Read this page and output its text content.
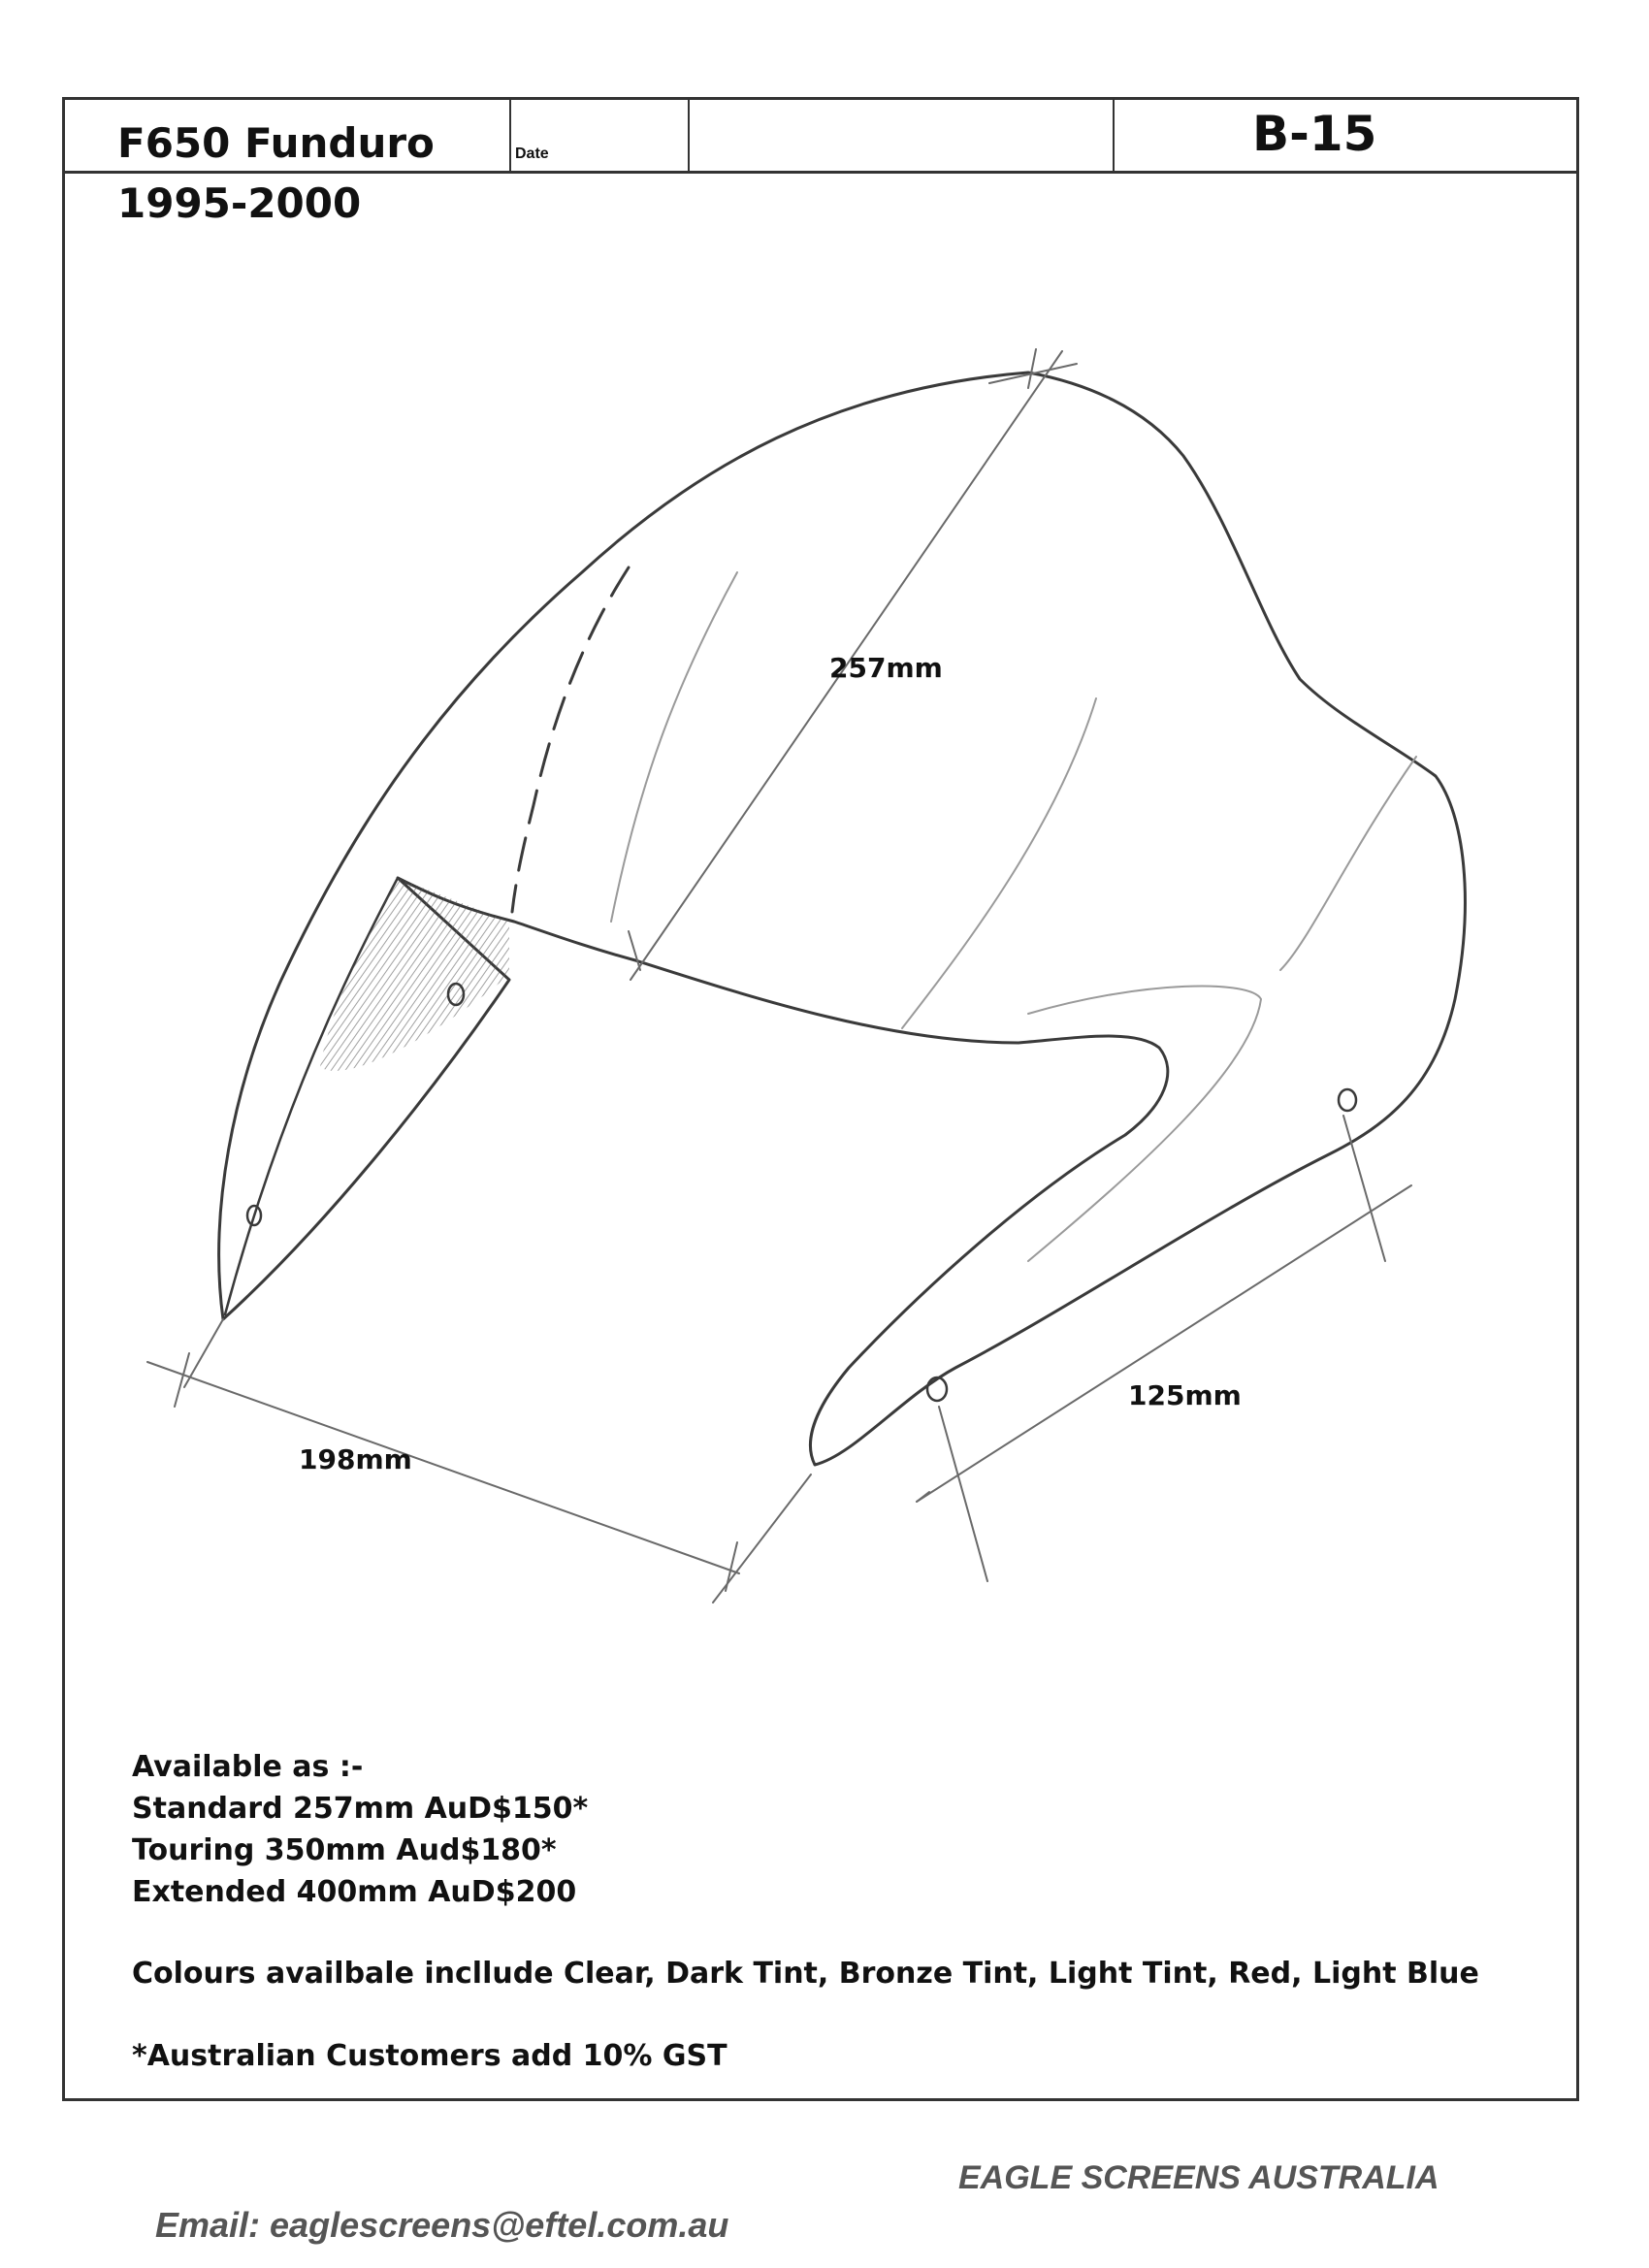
Date	B-15
F650 Funduro
1995-2000
257mm
198mm
125mm
Available as :-
Standard 257mm AuD$150*
Touring 350mm Aud$180*
Extended 400mm AuD$200
Colours availbale incllude Clear, Dark Tint, Bronze Tint, Light Tint, Red, Light Blue
*Australian Customers add 10% GST
EAGLE SCREENS AUSTRALIA
Email: eaglescreens@eftel.com.au
